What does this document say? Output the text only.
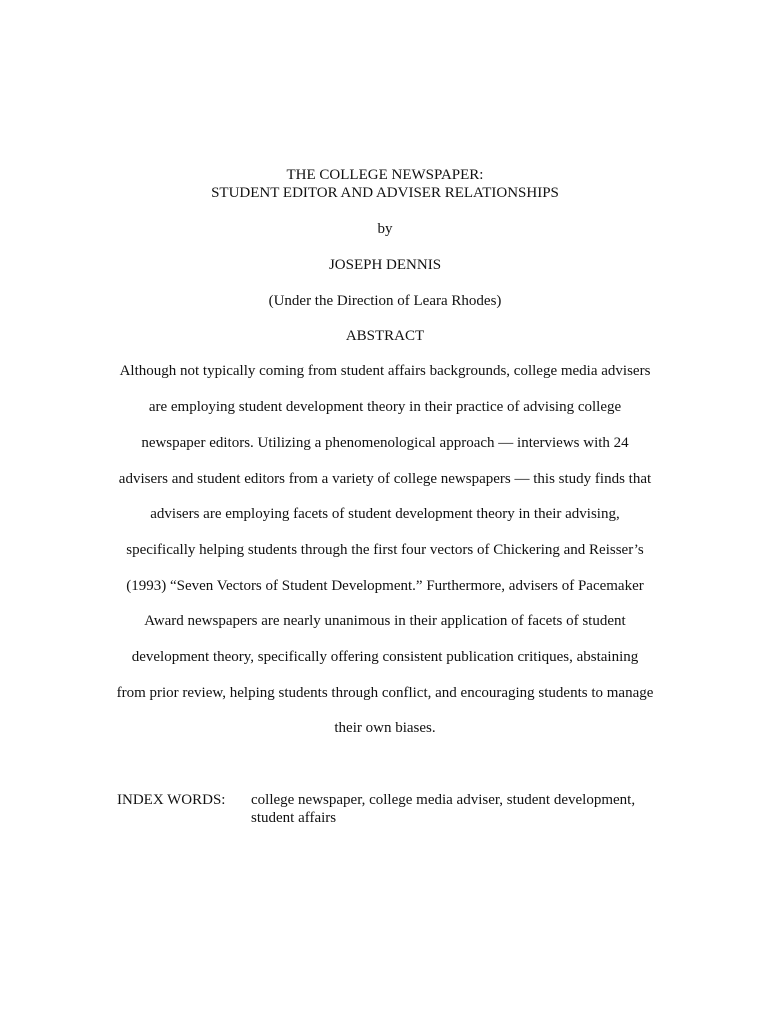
THE COLLEGE NEWSPAPER:
STUDENT EDITOR AND ADVISER RELATIONSHIPS
by
JOSEPH DENNIS
(Under the Direction of Leara Rhodes)
ABSTRACT
Although not typically coming from student affairs backgrounds, college media advisers
are employing student development theory in their practice of advising college
newspaper editors. Utilizing a phenomenological approach — interviews with 24
advisers and student editors from a variety of college newspapers — this study finds that
advisers are employing facets of student development theory in their advising,
specifically helping students through the first four vectors of Chickering and Reisser’s
(1993) “Seven Vectors of Student Development.” Furthermore, advisers of Pacemaker
Award newspapers are nearly unanimous in their application of facets of student
development theory, specifically offering consistent publication critiques, abstaining
from prior review, helping students through conflict, and encouraging students to manage
their own biases.
INDEX WORDS: college newspaper, college media adviser, student development,
student affairs
